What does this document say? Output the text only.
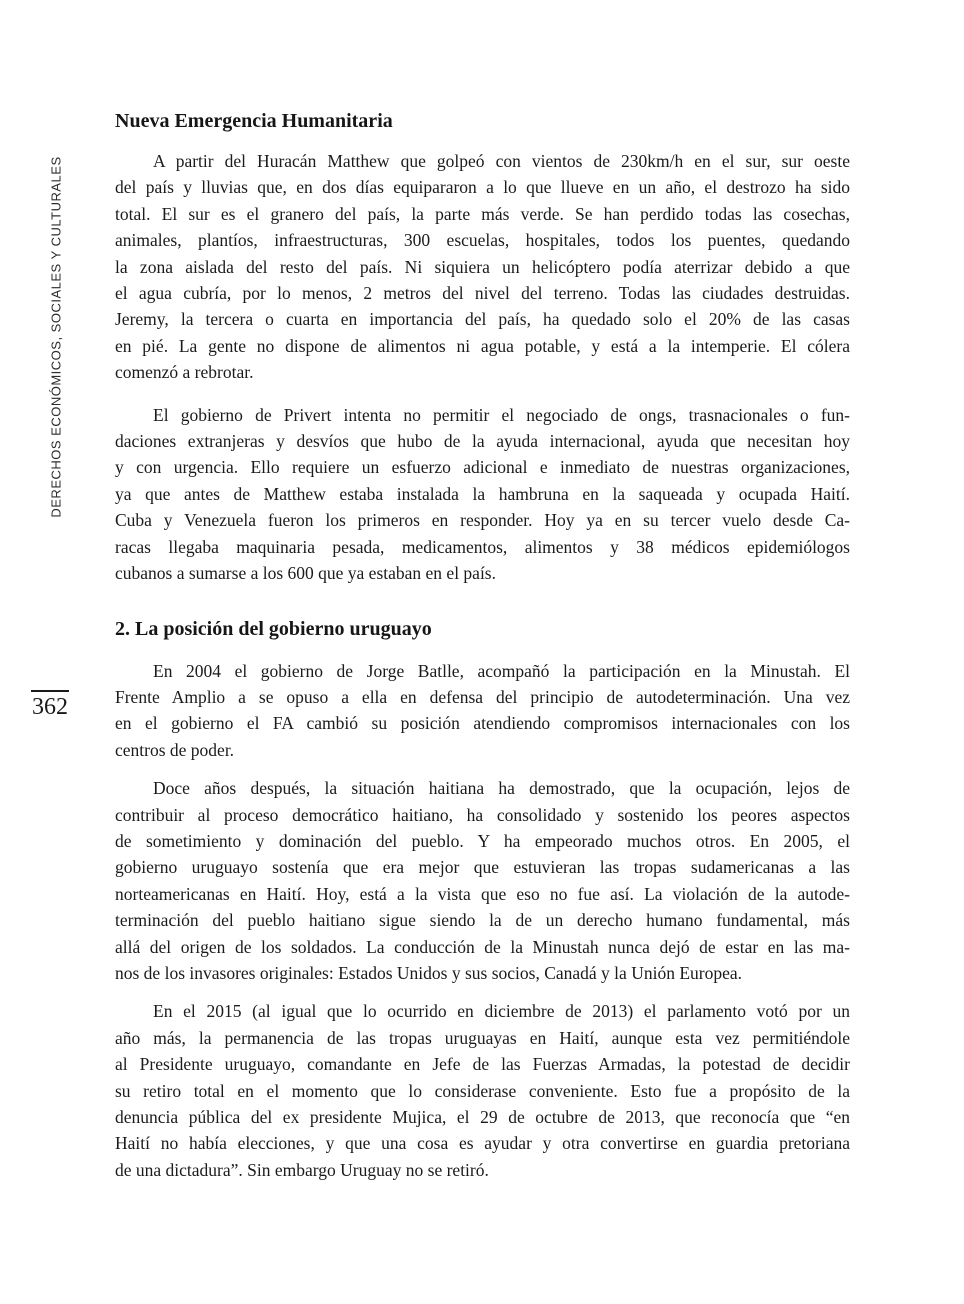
DERECHOS ECONÓMICOS, SOCIALES Y CULTURALES
362
Nueva Emergencia Humanitaria
A partir del Huracán Matthew que golpeó con vientos de 230km/h en el sur, sur oeste
del país y lluvias que, en dos días equipararon a lo que llueve en un año, el destrozo ha sido
total. El sur es el granero del país, la parte más verde. Se han perdido todas las cosechas,
animales, plantíos, infraestructuras, 300 escuelas, hospitales, todos los puentes, quedando
la zona aislada del resto del país. Ni siquiera un helicóptero podía aterrizar debido a que
el agua cubría, por lo menos, 2 metros del nivel del terreno. Todas las ciudades destruidas.
Jeremy, la tercera o cuarta en importancia del país, ha quedado solo el 20% de las casas
en pié. La gente no dispone de alimentos ni agua potable, y está a la intemperie. El cólera
comenzó a rebrotar.
El gobierno de Privert intenta no permitir el negociado de ongs, trasnacionales o fun-
daciones extranjeras y desvíos que hubo de la ayuda internacional, ayuda que necesitan hoy
y con urgencia. Ello requiere un esfuerzo adicional e inmediato de nuestras organizaciones,
ya que antes de Matthew estaba instalada la hambruna en la saqueada y ocupada Haití.
Cuba y Venezuela fueron los primeros en responder. Hoy ya en su tercer vuelo desde Ca-
racas llegaba maquinaria pesada, medicamentos, alimentos y 38 médicos epidemiólogos
cubanos a sumarse a los 600 que ya estaban en el país.
2. La posición del gobierno uruguayo
En 2004 el gobierno de Jorge Batlle, acompañó la participación en la Minustah. El
Frente Amplio a se opuso a ella en defensa del principio de autodeterminación. Una vez
en el gobierno el FA cambió su posición atendiendo compromisos internacionales con los
centros de poder.
Doce años después, la situación haitiana ha demostrado, que la ocupación, lejos de
contribuir al proceso democrático haitiano, ha consolidado y sostenido los peores aspectos
de sometimiento y dominación del pueblo. Y ha empeorado muchos otros. En 2005, el
gobierno uruguayo sostenía que era mejor que estuvieran las tropas sudamericanas a las
norteamericanas en Haití. Hoy, está a la vista que eso no fue así. La violación de la autode-
terminación del pueblo haitiano sigue siendo la de un derecho humano fundamental, más
allá del origen de los soldados. La conducción de la Minustah nunca dejó de estar en las ma-
nos de los invasores originales: Estados Unidos y sus socios, Canadá y la Unión Europea.
En el 2015 (al igual que lo ocurrido en diciembre de 2013) el parlamento votó por un
año más, la permanencia de las tropas uruguayas en Haití, aunque esta vez permitiéndole
al Presidente uruguayo, comandante en Jefe de las Fuerzas Armadas, la potestad de decidir
su retiro total en el momento que lo considerase conveniente. Esto fue a propósito de la
denuncia pública del ex presidente Mujica, el 29 de octubre de 2013, que reconocía que “en
Haití no había elecciones, y que una cosa es ayudar y otra convertirse en guardia pretoriana
de una dictadura”. Sin embargo Uruguay no se retiró.
